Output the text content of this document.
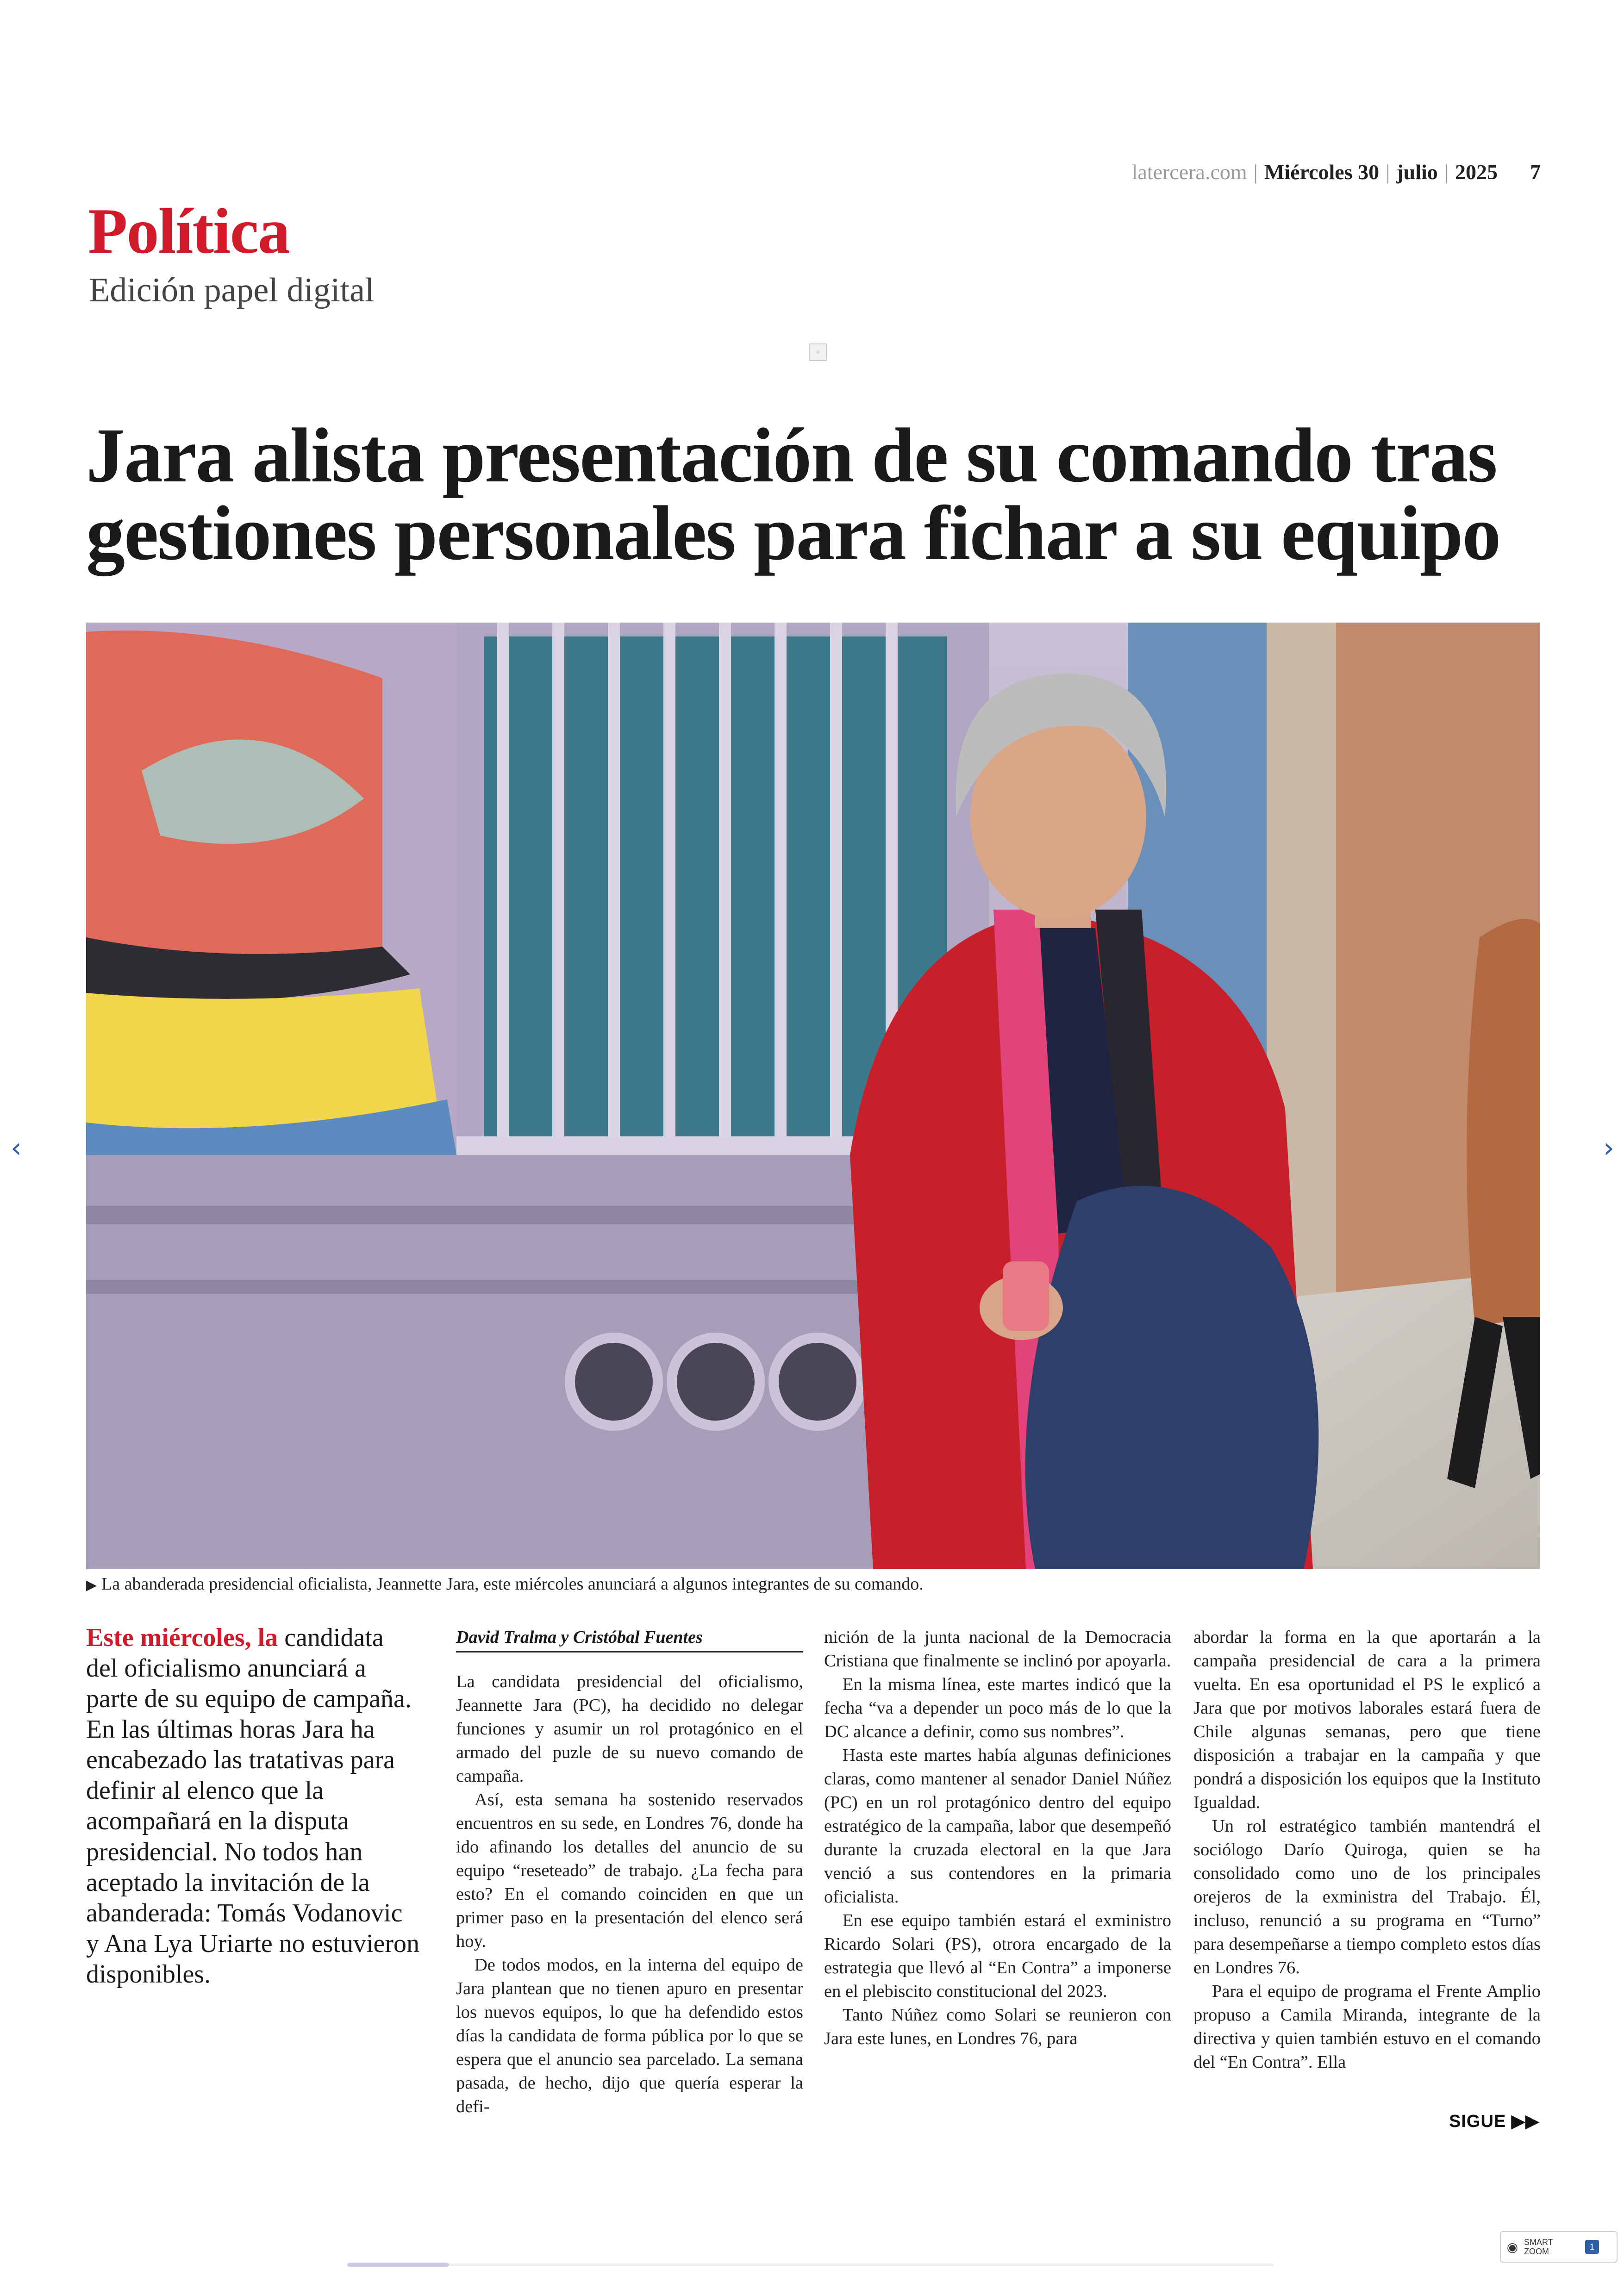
latercera.com | Miércoles 30 | julio | 2025 7
Política
Edición papel digital
▫
Jara alista presentación de su comando tras
gestiones personales para fichar a su equipo
▶ La abanderada presidencial oficialista, Jeannette Jara, este miércoles anunciará a algunos integrantes de su comando.
Este miércoles, la candidata del oficialismo anunciará a parte de su equipo de campaña. En las últimas horas Jara ha encabezado las tratativas para definir al elenco que la acompañará en la disputa presidencial. No todos han aceptado la invitación de la abanderada: Tomás Vodanovic y Ana Lya Uriarte no estuvieron disponibles.
David Tralma y Cristóbal Fuentes

La candidata presidencial del oficialismo, Jeannette Jara (PC), ha decidido no delegar funciones y asumir un rol protagónico en el armado del puzle de su nuevo comando de campaña.

Así, esta semana ha sostenido reservados encuentros en su sede, en Londres 76, donde ha ido afinando los detalles del anuncio de su equipo “reseteado” de trabajo. ¿La fecha para esto? En el comando coinciden en que un primer paso en la presentación del elenco será hoy.

De todos modos, en la interna del equipo de Jara plantean que no tienen apuro en presentar los nuevos equipos, lo que ha defendido estos días la candidata de forma pública por lo que se espera que el anuncio sea parcelado. La semana pasada, de hecho, dijo que quería esperar la defi-

nición de la junta nacional de la Democracia Cristiana que finalmente se inclinó por apoyarla.

En la misma línea, este martes indicó que la fecha “va a depender un poco más de lo que la DC alcance a definir, como sus nombres”.

Hasta este martes había algunas definiciones claras, como mantener al senador Daniel Núñez (PC) en un rol protagónico dentro del equipo estratégico de la campaña, labor que desempeñó durante la cruzada electoral en la que Jara venció a sus contendores en la primaria oficialista.

En ese equipo también estará el exministro Ricardo Solari (PS), otrora encargado de la estrategia que llevó al “En Contra” a imponerse en el plebiscito constitucional del 2023.

Tanto Núñez como Solari se reunieron con Jara este lunes, en Londres 76, para

abordar la forma en la que aportarán a la campaña presidencial de cara a la primera vuelta. En esa oportunidad el PS le explicó a Jara que por motivos laborales estará fuera de Chile algunas semanas, pero que tiene disposición a trabajar en la campaña y que pondrá a disposición los equipos que la Instituto Igualdad.

Un rol estratégico también mantendrá el sociólogo Darío Quiroga, quien se ha consolidado como uno de los principales orejeros de la exministra del Trabajo. Él, incluso, renunció a su programa en “Turno” para desempeñarse a tiempo completo estos días en Londres 76.

Para el equipo de programa el Frente Amplio propuso a Camila Miranda, integrante de la directiva y quien también estuvo en el comando del “En Contra”. Ella

SIGUE ▶▶
‹	›
◉ SMART
ZOOM	1
